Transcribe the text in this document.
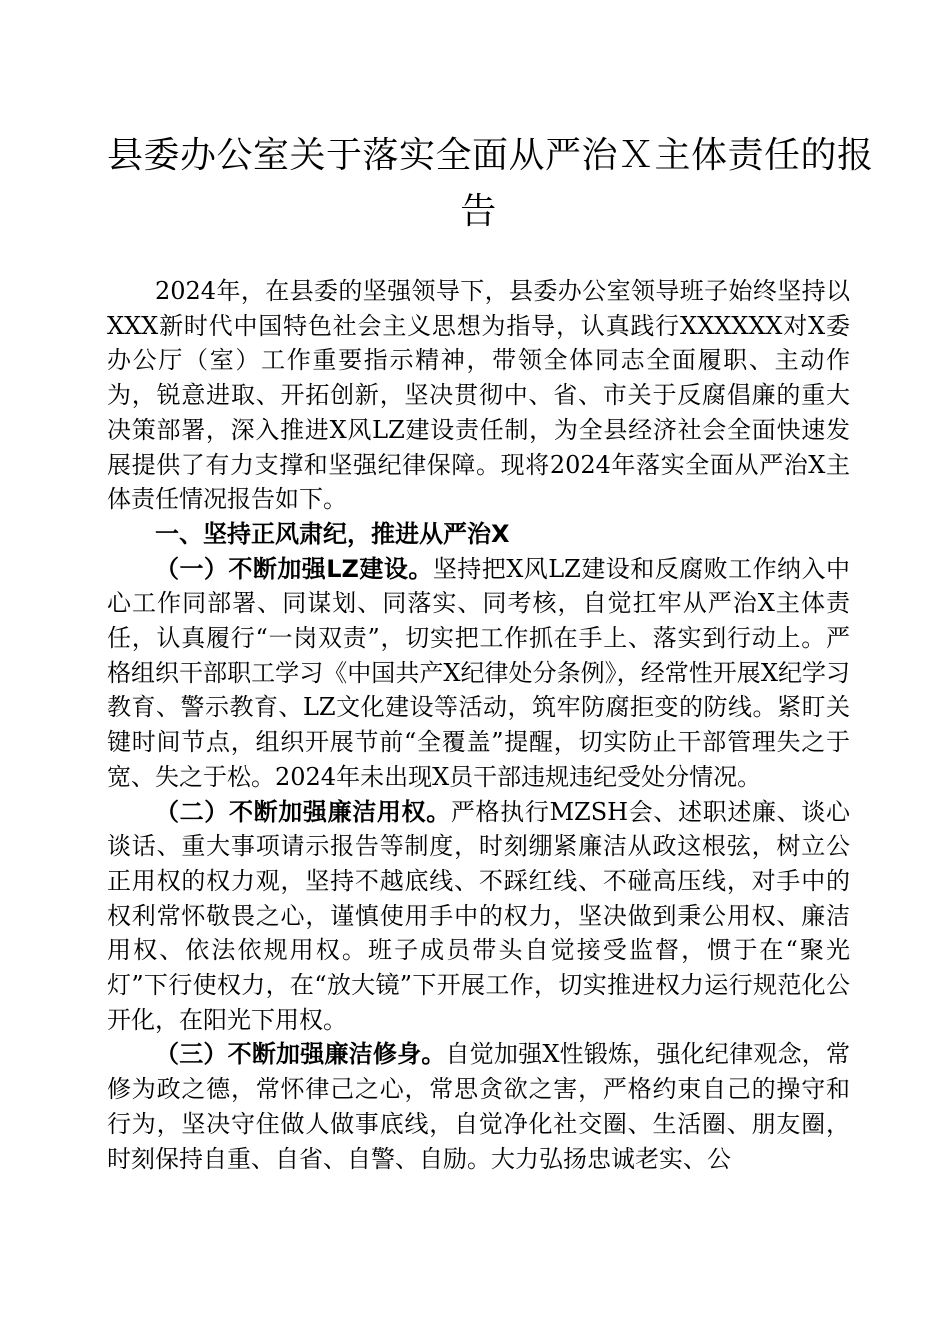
县委办公室关于落实全面从严治Ｘ主体责任的报
告

2024年，在县委的坚强领导下，县委办公室领导班子始终坚持以XXX新时代中国特色社会主义思想为指导，认真践行XXXXXX对X委办公厅（室）工作重要指示精神，带领全体同志全面履职、主动作为，锐意进取、开拓创新，坚决贯彻中、省、市关于反腐倡廉的重大决策部署，深入推进X风LZ建设责任制，为全县经济社会全面快速发展提供了有力支撑和坚强纪律保障。现将2024年落实全面从严治X主体责任情况报告如下。

一、坚持正风肃纪，推进从严治X

（一）不断加强LZ建设。坚持把X风LZ建设和反腐败工作纳入中心工作同部署、同谋划、同落实、同考核，自觉扛牢从严治X主体责任，认真履行“一岗双责”，切实把工作抓在手上、落实到行动上。严格组织干部职工学习《中国共产X纪律处分条例》，经常性开展X纪学习教育、警示教育、LZ文化建设等活动，筑牢防腐拒变的防线。紧盯关键时间节点，组织开展节前“全覆盖”提醒，切实防止干部管理失之于宽、失之于松。2024年未出现X员干部违规违纪受处分情况。

（二）不断加强廉洁用权。严格执行MZSH会、述职述廉、谈心谈话、重大事项请示报告等制度，时刻绷紧廉洁从政这根弦，树立公正用权的权力观，坚持不越底线、不踩红线、不碰高压线，对手中的权利常怀敬畏之心，谨慎使用手中的权力，坚决做到秉公用权、廉洁用权、依法依规用权。班子成员带头自觉接受监督，惯于在“聚光灯”下行使权力，在“放大镜”下开展工作，切实推进权力运行规范化公开化，在阳光下用权。

（三）不断加强廉洁修身。自觉加强X性锻炼，强化纪律观念，常修为政之德，常怀律己之心，常思贪欲之害，严格约束自己的操守和行为，坚决守住做人做事底线，自觉净化社交圈、生活圈、朋友圈，时刻保持自重、自省、自警、自励。大力弘扬忠诚老实、公
